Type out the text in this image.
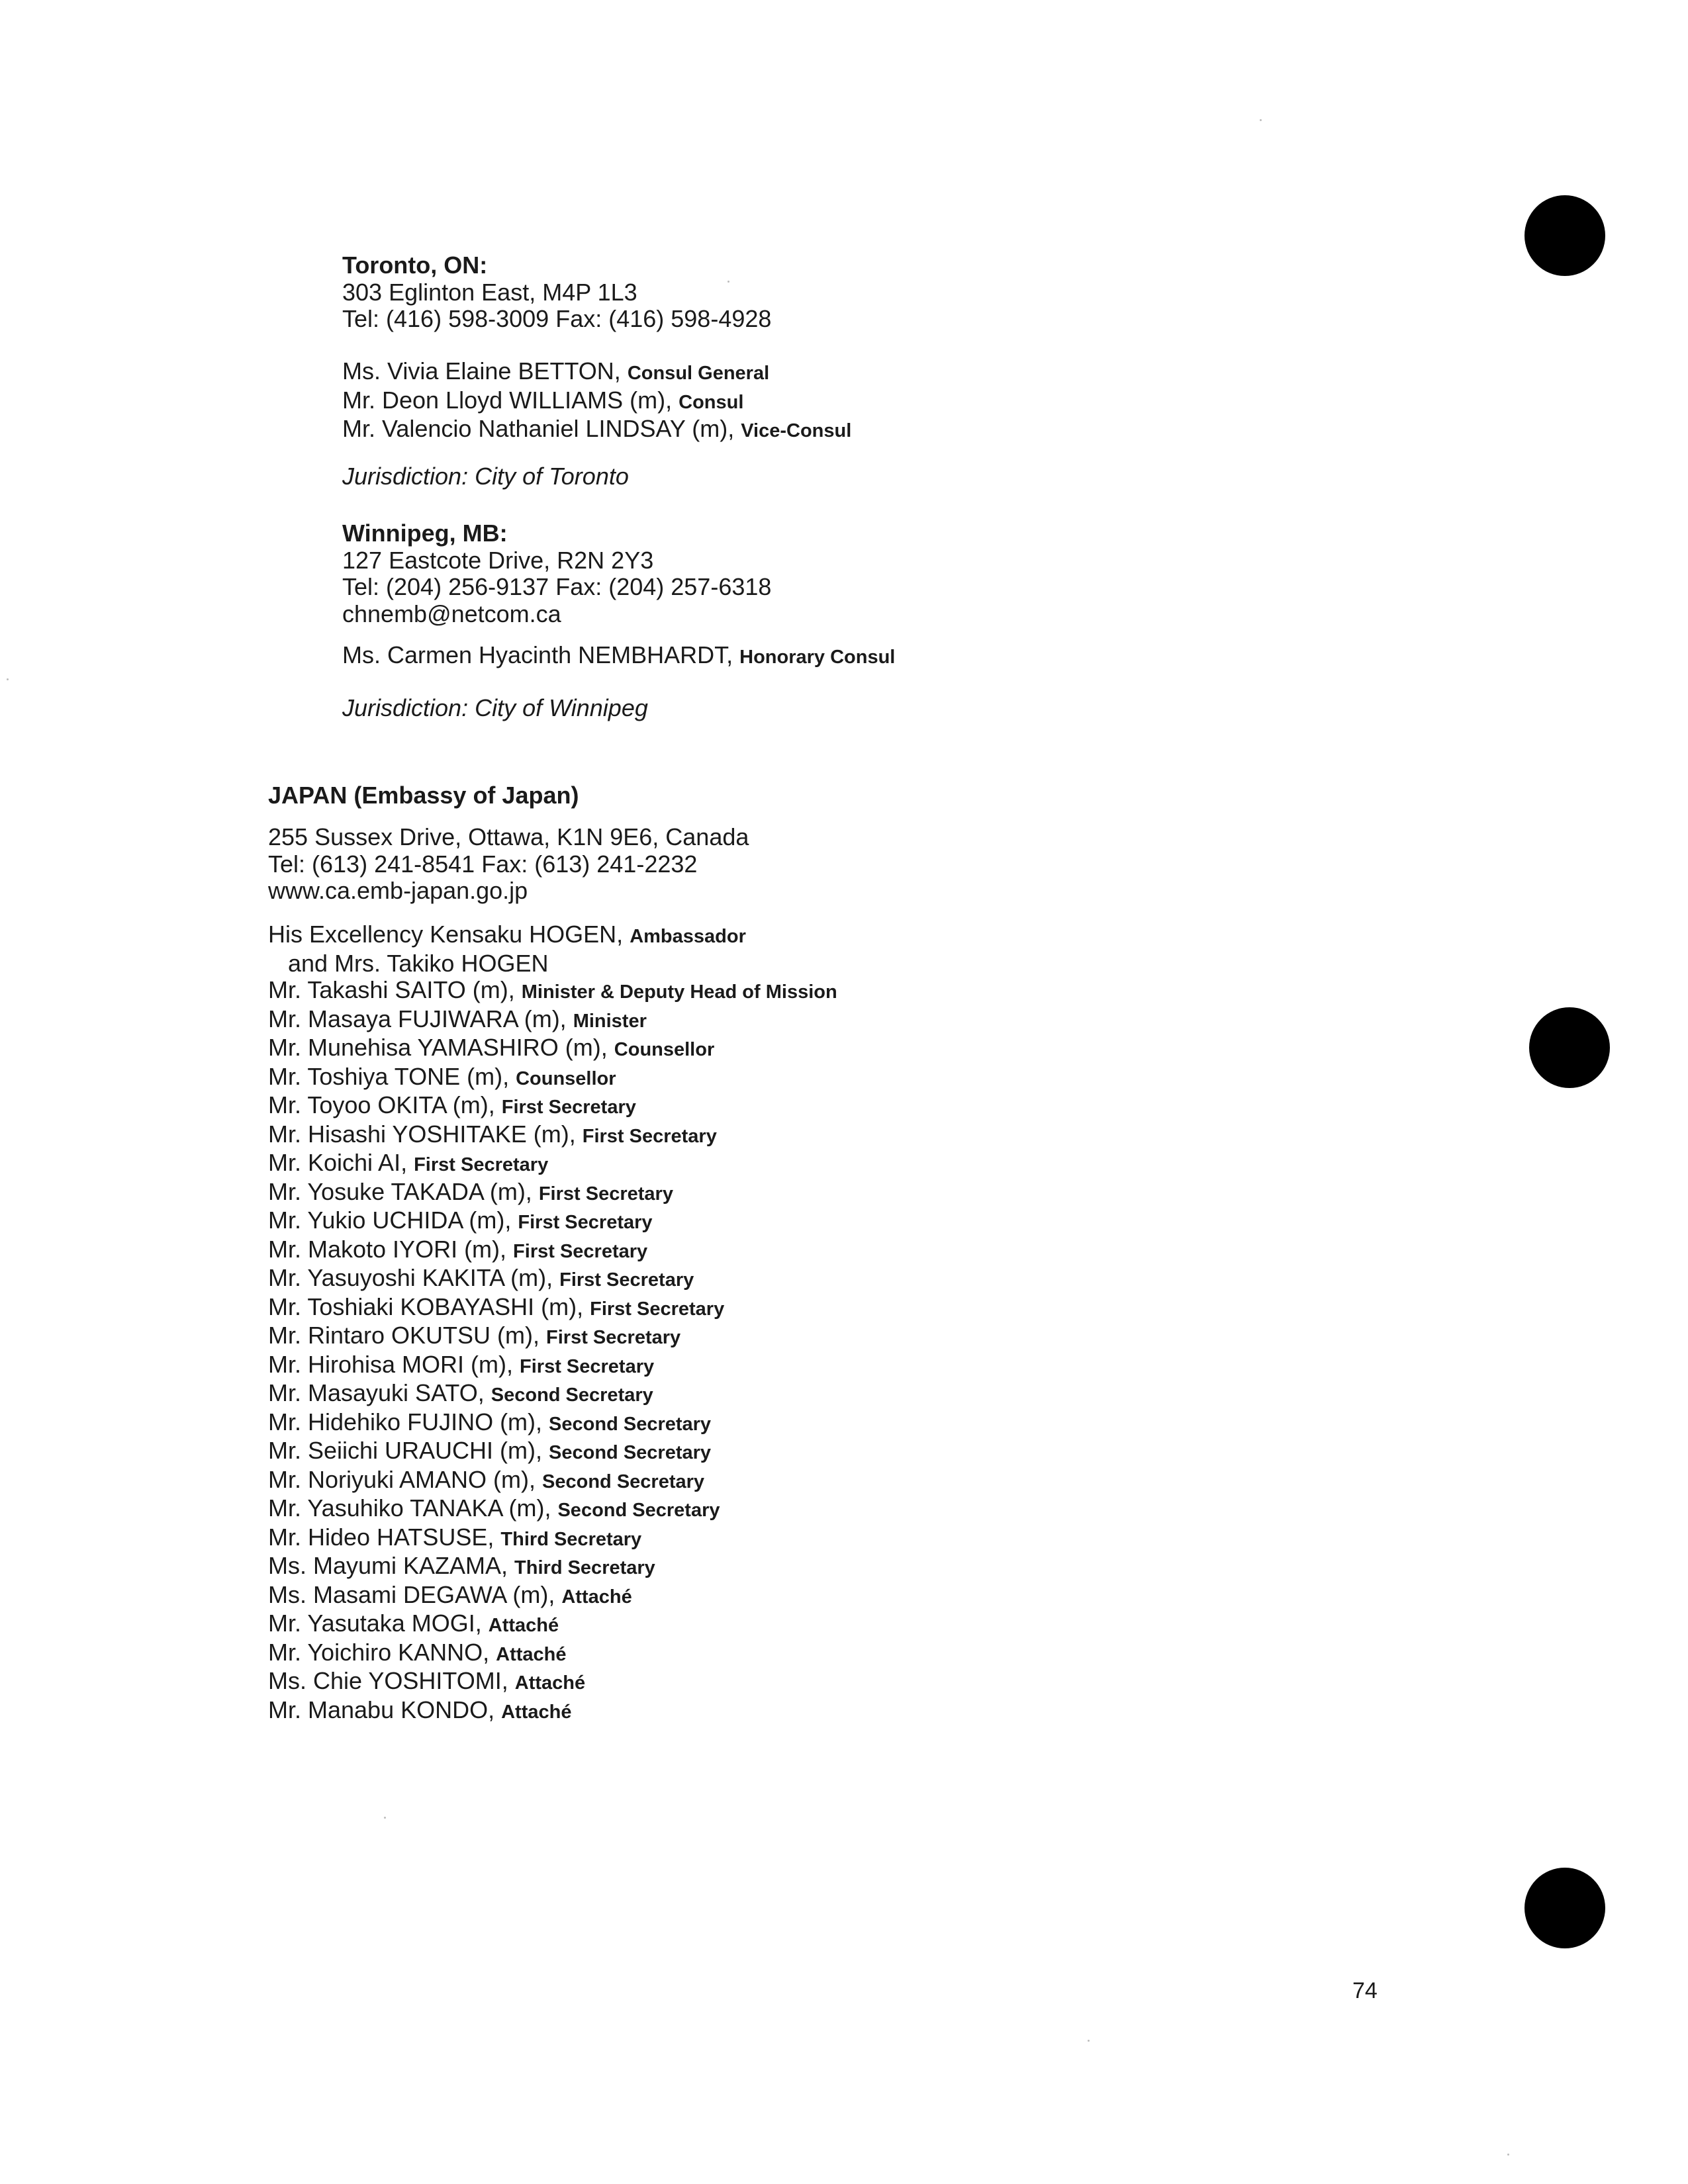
Toronto, ON:
303 Eglinton East, M4P 1L3
Tel: (416) 598-3009 Fax: (416) 598-4928
Ms. Vivia Elaine BETTON, Consul General
Mr. Deon Lloyd WILLIAMS (m), Consul
Mr. Valencio Nathaniel LINDSAY (m), Vice-Consul
Jurisdiction: City of Toronto
Winnipeg, MB:
127 Eastcote Drive, R2N 2Y3
Tel: (204) 256-9137 Fax: (204) 257-6318
chnemb@netcom.ca
Ms. Carmen Hyacinth NEMBHARDT, Honorary Consul
Jurisdiction: City of Winnipeg
JAPAN (Embassy of Japan)
255 Sussex Drive, Ottawa, K1N 9E6, Canada
Tel: (613) 241-8541 Fax: (613) 241-2232
www.ca.emb-japan.go.jp
His Excellency Kensaku HOGEN, Ambassador
and Mrs. Takiko HOGEN
Mr. Takashi SAITO (m), Minister & Deputy Head of Mission
Mr. Masaya FUJIWARA (m), Minister
Mr. Munehisa YAMASHIRO (m), Counsellor
Mr. Toshiya TONE (m), Counsellor
Mr. Toyoo OKITA (m), First Secretary
Mr. Hisashi YOSHITAKE (m), First Secretary
Mr. Koichi AI, First Secretary
Mr. Yosuke TAKADA (m), First Secretary
Mr. Yukio UCHIDA (m), First Secretary
Mr. Makoto IYORI (m), First Secretary
Mr. Yasuyoshi KAKITA (m), First Secretary
Mr. Toshiaki KOBAYASHI (m), First Secretary
Mr. Rintaro OKUTSU (m), First Secretary
Mr. Hirohisa MORI (m), First Secretary
Mr. Masayuki SATO, Second Secretary
Mr. Hidehiko FUJINO (m), Second Secretary
Mr. Seiichi URAUCHI (m), Second Secretary
Mr. Noriyuki AMANO (m), Second Secretary
Mr. Yasuhiko TANAKA (m), Second Secretary
Mr. Hideo HATSUSE, Third Secretary
Ms. Mayumi KAZAMA, Third Secretary
Ms. Masami DEGAWA (m), Attaché
Mr. Yasutaka MOGI, Attaché
Mr. Yoichiro KANNO, Attaché
Ms. Chie YOSHITOMI, Attaché
Mr. Manabu KONDO, Attaché
74
